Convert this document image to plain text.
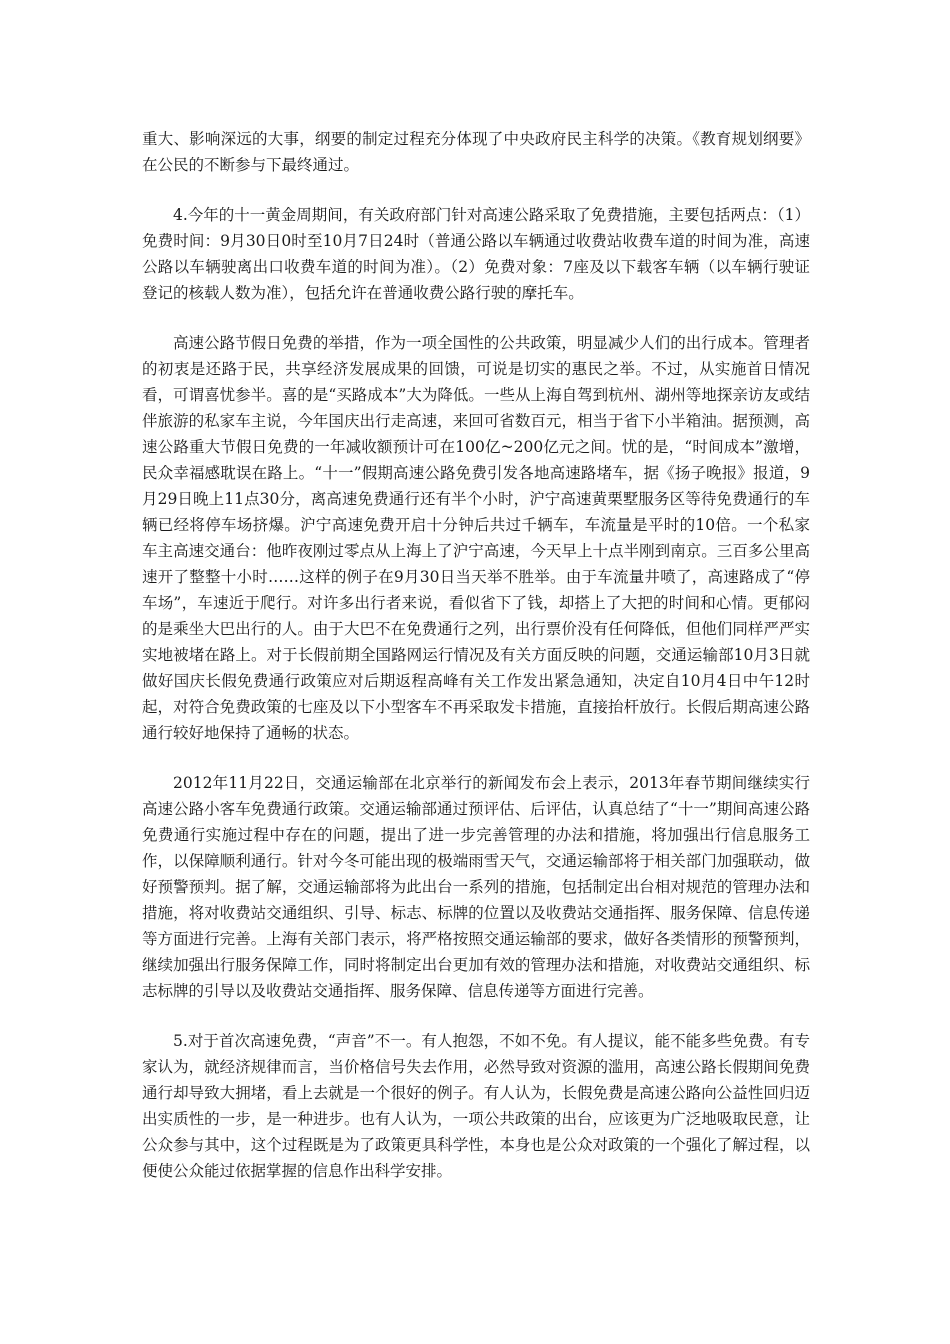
重大、影响深远的大事，纲要的制定过程充分体现了中央政府民主科学的决策。《教育规划纲要》在公民的不断参与下最终通过。

4.今年的十一黄金周期间，有关政府部门针对高速公路采取了免费措施，主要包括两点：（1）免费时间：9月30日0时至10月7日24时（普通公路以车辆通过收费站收费车道的时间为准，高速公路以车辆驶离出口收费车道的时间为准）。（2）免费对象：7座及以下载客车辆（以车辆行驶证登记的核载人数为准），包括允许在普通收费公路行驶的摩托车。

高速公路节假日免费的举措，作为一项全国性的公共政策，明显减少人们的出行成本。管理者的初衷是还路于民，共享经济发展成果的回馈，可说是切实的惠民之举。不过，从实施首日情况看，可谓喜忧参半。喜的是“买路成本”大为降低。一些从上海自驾到杭州、湖州等地探亲访友或结伴旅游的私家车主说，今年国庆出行走高速，来回可省数百元，相当于省下小半箱油。据预测，高速公路重大节假日免费的一年减收额预计可在100亿~200亿元之间。忧的是，“时间成本”激增，民众幸福感耽误在路上。“十一”假期高速公路免费引发各地高速路堵车，据《扬子晚报》报道，9月29日晚上11点30分，离高速免费通行还有半个小时，沪宁高速黄栗墅服务区等待免费通行的车辆已经将停车场挤爆。沪宁高速免费开启十分钟后共过千辆车，车流量是平时的10倍。一个私家车主高速交通台：他昨夜刚过零点从上海上了沪宁高速，今天早上十点半刚到南京。三百多公里高速开了整整十小时……这样的例子在9月30日当天举不胜举。由于车流量井喷了，高速路成了“停车场”，车速近于爬行。对许多出行者来说，看似省下了钱，却搭上了大把的时间和心情。更郁闷的是乘坐大巴出行的人。由于大巴不在免费通行之列，出行票价没有任何降低，但他们同样严严实实地被堵在路上。对于长假前期全国路网运行情况及有关方面反映的问题，交通运输部10月3日就做好国庆长假免费通行政策应对后期返程高峰有关工作发出紧急通知，决定自10月4日中午12时起，对符合免费政策的七座及以下小型客车不再采取发卡措施，直接抬杆放行。长假后期高速公路通行较好地保持了通畅的状态。

2012年11月22日，交通运输部在北京举行的新闻发布会上表示，2013年春节期间继续实行高速公路小客车免费通行政策。交通运输部通过预评估、后评估，认真总结了“十一”期间高速公路免费通行实施过程中存在的问题，提出了进一步完善管理的办法和措施，将加强出行信息服务工作，以保障顺利通行。针对今冬可能出现的极端雨雪天气，交通运输部将于相关部门加强联动，做好预警预判。据了解，交通运输部将为此出台一系列的措施，包括制定出台相对规范的管理办法和措施，将对收费站交通组织、引导、标志、标牌的位置以及收费站交通指挥、服务保障、信息传递等方面进行完善。上海有关部门表示，将严格按照交通运输部的要求，做好各类情形的预警预判，继续加强出行服务保障工作，同时将制定出台更加有效的管理办法和措施，对收费站交通组织、标志标牌的引导以及收费站交通指挥、服务保障、信息传递等方面进行完善。

5.对于首次高速免费，“声音”不一。有人抱怨，不如不免。有人提议，能不能多些免费。有专家认为，就经济规律而言，当价格信号失去作用，必然导致对资源的滥用，高速公路长假期间免费通行却导致大拥堵，看上去就是一个很好的例子。有人认为，长假免费是高速公路向公益性回归迈出实质性的一步，是一种进步。也有人认为，一项公共政策的出台，应该更为广泛地吸取民意，让公众参与其中，这个过程既是为了政策更具科学性，本身也是公众对政策的一个强化了解过程，以便使公众能过依据掌握的信息作出科学安排。
